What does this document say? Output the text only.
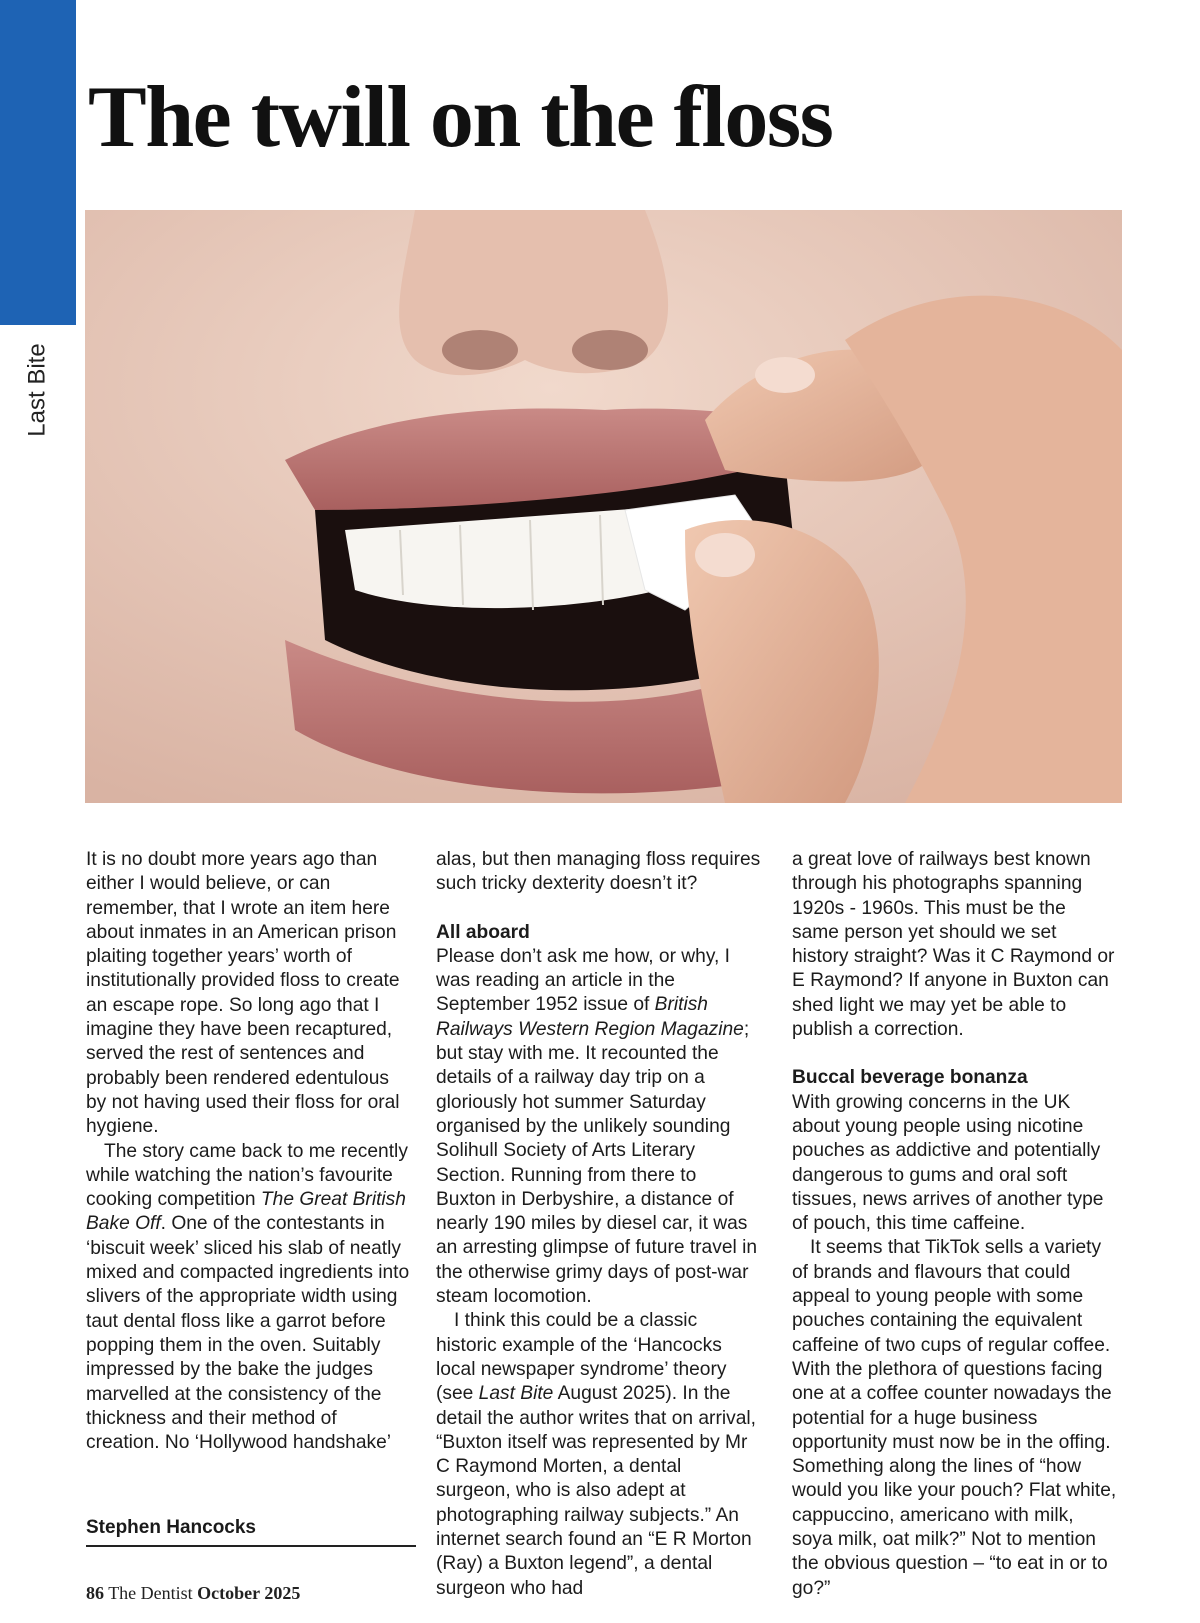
Last Bite
The twill on the floss

It is no doubt more years ago than either I would believe, or can remember, that I wrote an item here about inmates in an American prison plaiting together years’ worth of institutionally provided floss to create an escape rope. So long ago that I imagine they have been recaptured, served the rest of sentences and probably been rendered edentulous by not having used their floss for oral hygiene.

The story came back to me recently while watching the nation’s favourite cooking competition The Great British Bake Off. One of the contestants in ‘biscuit week’ sliced his slab of neatly mixed and compacted ingredients into slivers of the appropriate width using taut dental floss like a garrot before popping them in the oven. Suitably impressed by the bake the judges marvelled at the consistency of the thickness and their method of creation. No ‘Hollywood handshake’

alas, but then managing floss requires such tricky dexterity doesn’t it?

All aboard

Please don’t ask me how, or why, I was reading an article in the September 1952 issue of British Railways Western Region Magazine; but stay with me. It recounted the details of a railway day trip on a gloriously hot summer Saturday organised by the unlikely sounding Solihull Society of Arts Literary Section. Running from there to Buxton in Derbyshire, a distance of nearly 190 miles by diesel car, it was an arresting glimpse of future travel in the otherwise grimy days of post-war steam locomotion.

I think this could be a classic historic example of the ‘Hancocks local newspaper syndrome’ theory (see Last Bite August 2025). In the detail the author writes that on arrival, “Buxton itself was represented by Mr C Raymond Morten, a dental surgeon, who is also adept at photographing railway subjects.” An internet search found an “E R Morton (Ray) a Buxton legend”, a dental surgeon who had

a great love of railways best known through his photographs spanning 1920s - 1960s. This must be the same person yet should we set history straight? Was it C Raymond or E Raymond? If anyone in Buxton can shed light we may yet be able to publish a correction.

Buccal beverage bonanza

With growing concerns in the UK about young people using nicotine pouches as addictive and potentially dangerous to gums and oral soft tissues, news arrives of another type of pouch, this time caffeine.

It seems that TikTok sells a variety of brands and flavours that could appeal to young people with some pouches containing the equivalent caffeine of two cups of regular coffee. With the plethora of questions facing one at a coffee counter nowadays the potential for a huge business opportunity must now be in the offing. Something along the lines of “how would you like your pouch? Flat white, cappuccino, americano with milk, soya milk, oat milk?” Not to mention the obvious question – “to eat in or to go?”

Stephen Hancocks
86 The Dentist October 2025
